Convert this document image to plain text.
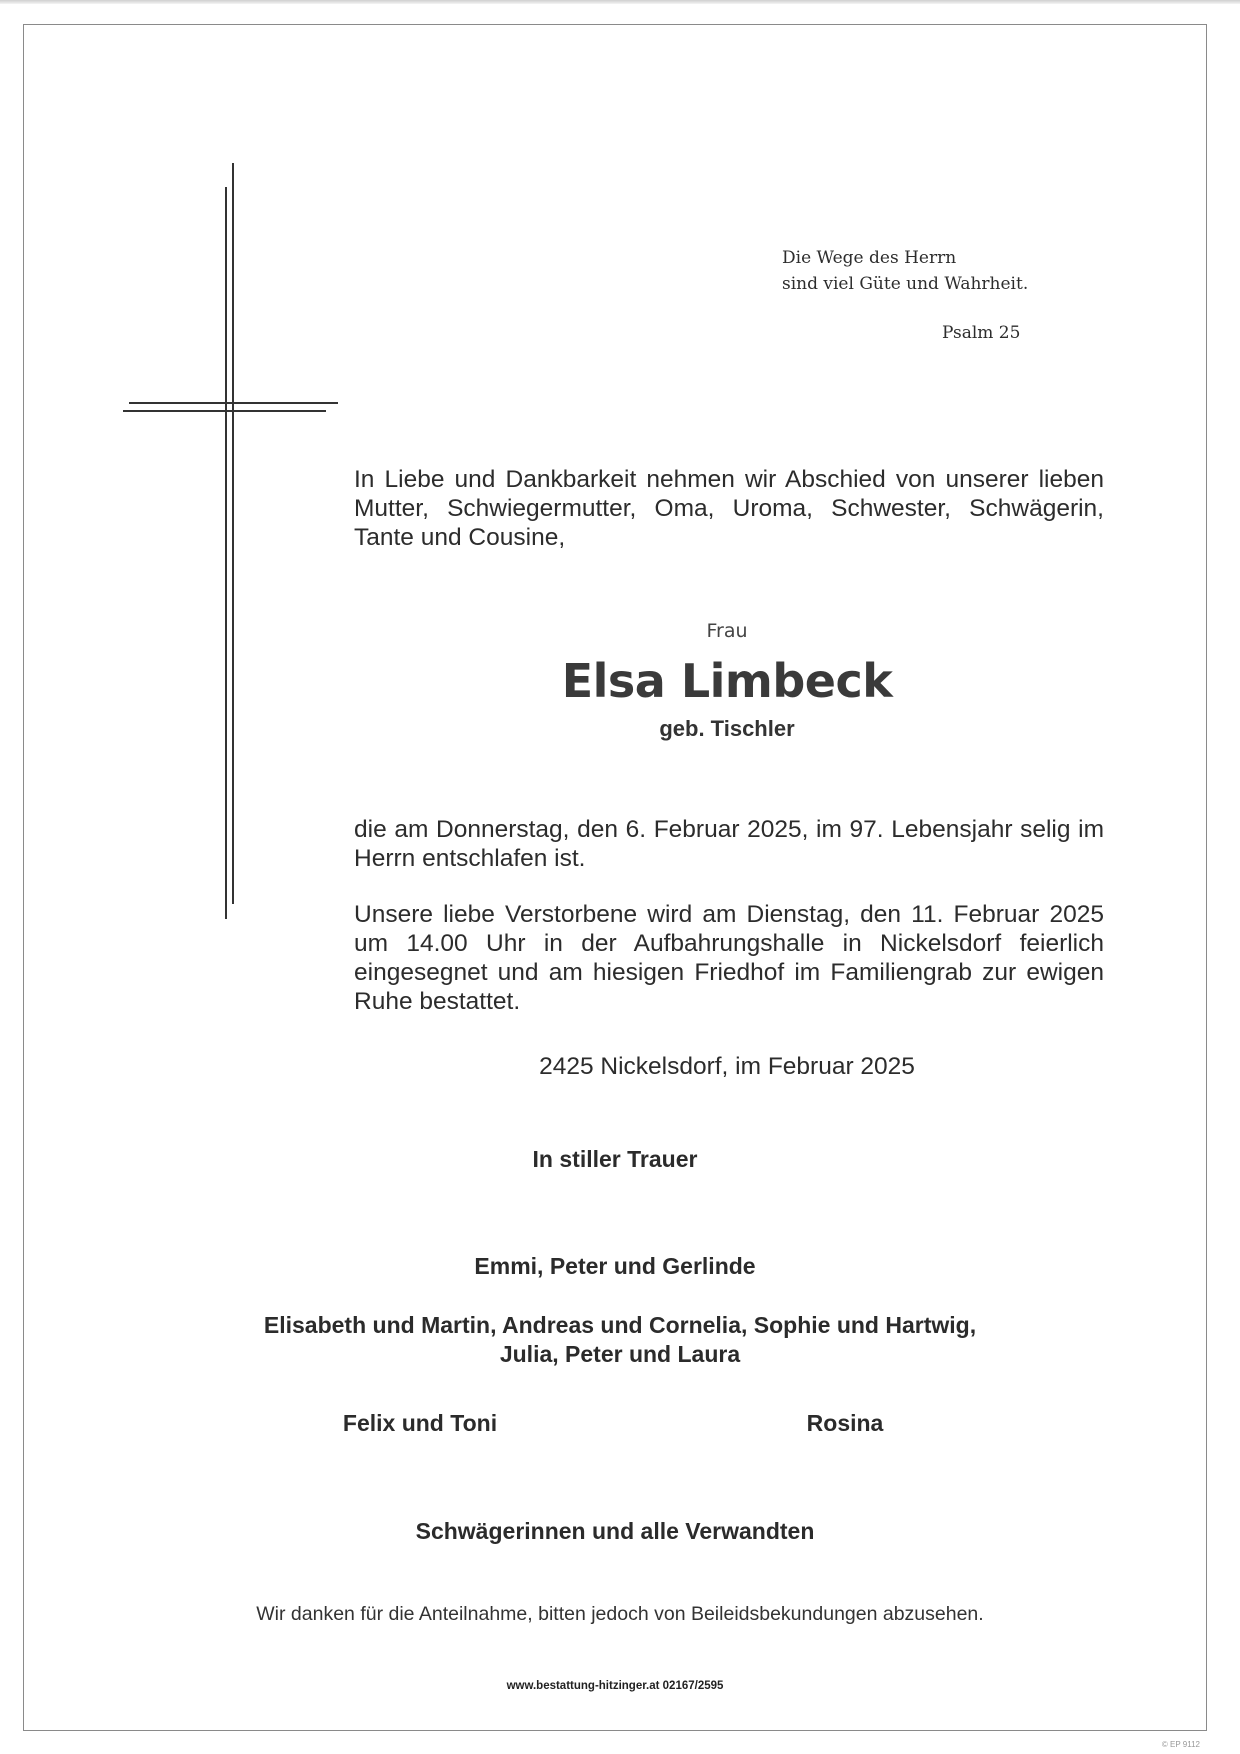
Die Wege des Herrn
sind viel Güte und Wahrheit.
Psalm 25
In Liebe und Dankbarkeit nehmen wir Abschied von unserer lieben Mutter, Schwiegermutter, Oma, Uroma, Schwester, Schwägerin, Tante und Cousine,
Frau
Elsa Limbeck
geb. Tischler
die am Donnerstag, den 6. Februar 2025, im 97. Lebensjahr selig im Herrn entschlafen ist.
Unsere liebe Verstorbene wird am Dienstag, den 11. Februar 2025 um 14.00 Uhr in der Aufbahrungshalle in Nickelsdorf feierlich eingesegnet und am hiesigen Friedhof im Familiengrab zur ewigen Ruhe bestattet.
2425 Nickelsdorf, im Februar 2025
In stiller Trauer
Emmi, Peter und Gerlinde
Elisabeth und Martin, Andreas und Cornelia, Sophie und Hartwig,
Julia, Peter und Laura
Felix und Toni	Rosina
Schwägerinnen und alle Verwandten
Wir danken für die Anteilnahme, bitten jedoch von Beileidsbekundungen abzusehen.
www.bestattung-hitzinger.at 02167/2595
© EP 9112
